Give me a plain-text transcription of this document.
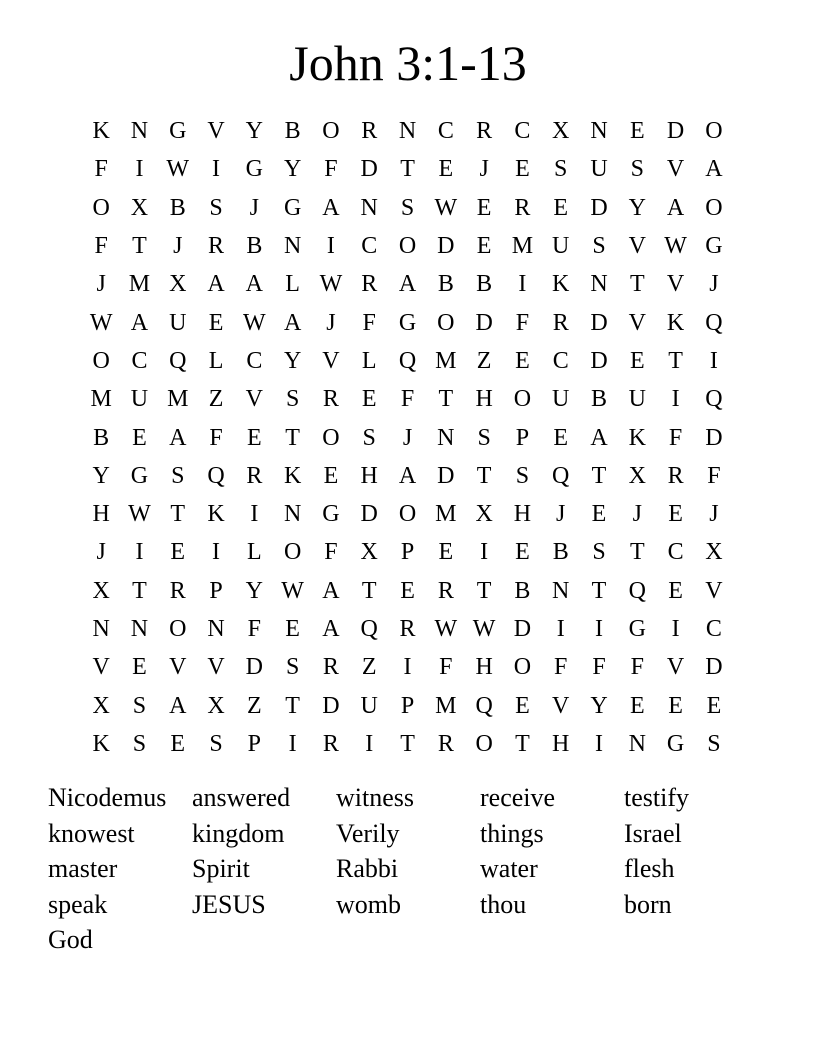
John 3:1-13
K N G V Y B O R N C R C X N E D O
F	I W I	G Y F D T E	J	E	S U S V A
O X B S	J	G A N S W E R E D Y A O
F	T	J	R B N	I	C O D E M U S V W G
J M X A A L W R A B B	I	K N T V	J
W A U E W A	J	F G O D F R D V K Q
O C Q L C Y V L Q M Z E C D E T	I
M U M Z V S R E	F	T H O U B U	I	Q
B E A F	E T O S	J	N S	P	E A K F D
Y G S Q R K E H A D T	S Q T X R F
H W T K	I	N G D O M X H	J	E	J	E	J
J	I	E	I	L O F X P	E	I	E B S	T C X
X T R P Y W A T E R T B N T Q E V
N N O N F	E A Q R W W D	I	I	G	I	C
V E V V D S R Z	I	F H O F	F	F V D
X S A X Z T D U P M Q E V Y E E E
K S	E	S	P	I	R	I	T R O T H	I	N G S
Nicodemus answered	witness	receive	testify
knowest	kingdom	Verily	things	Israel
master	Spirit	Rabbi	water	flesh
speak	JESUS	womb	thou	born
God
